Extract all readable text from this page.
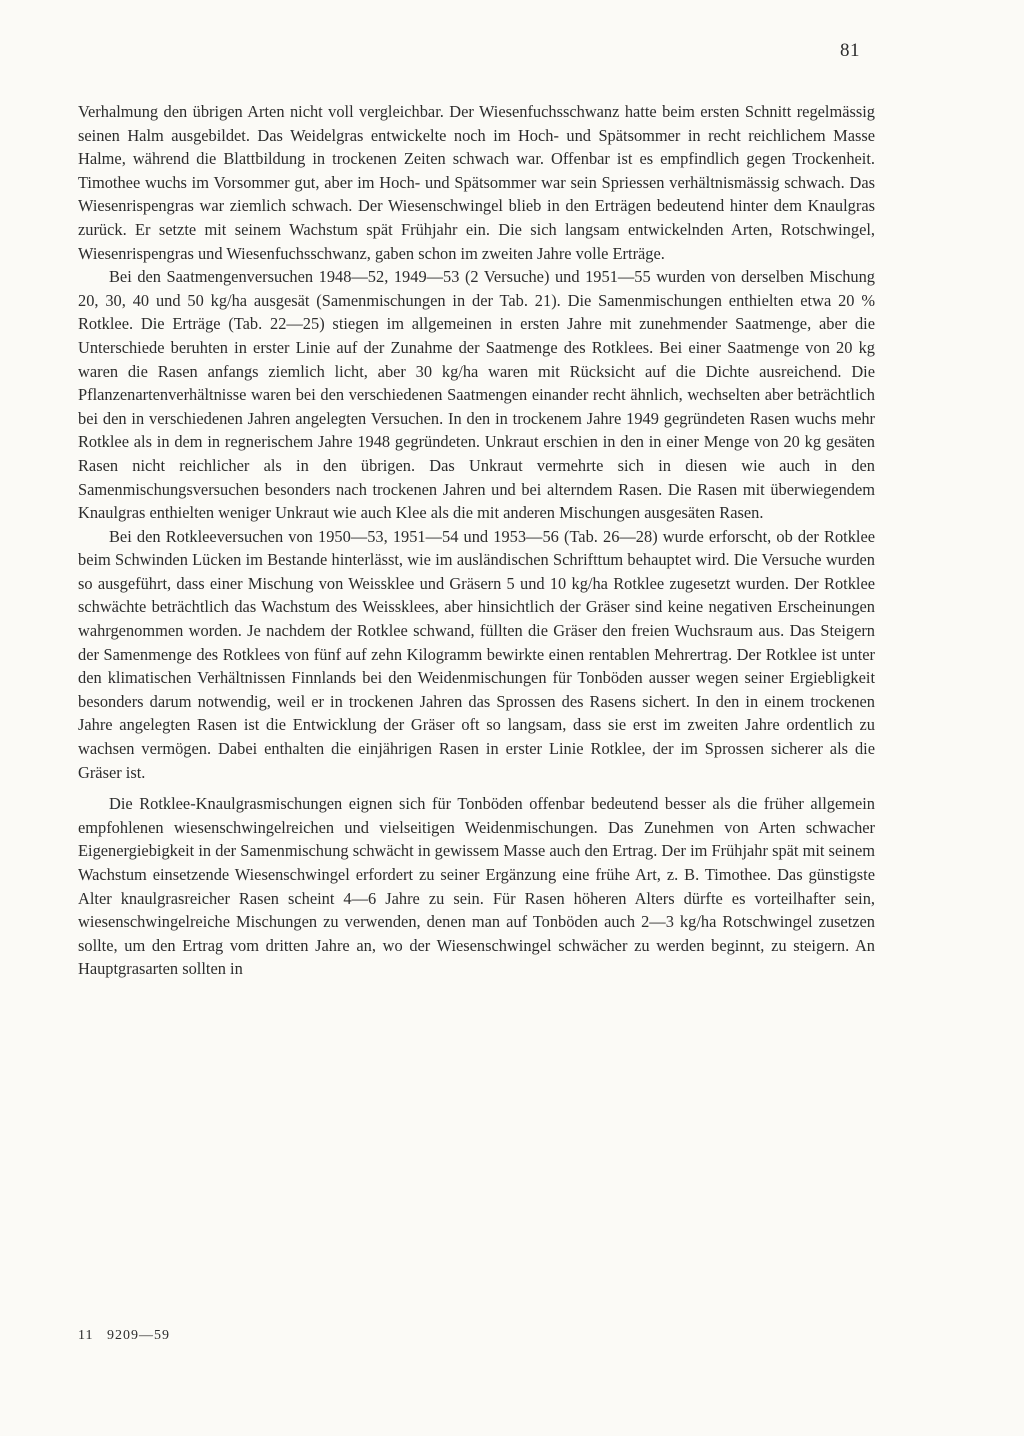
81

Verhalmung den übrigen Arten nicht voll vergleichbar. Der Wiesenfuchsschwanz hatte beim ersten Schnitt regelmässig seinen Halm ausgebildet. Das Weidelgras entwickelte noch im Hoch- und Spätsommer in recht reichlichem Masse Halme, während die Blattbildung in trockenen Zeiten schwach war. Offenbar ist es empfindlich gegen Trockenheit. Timothee wuchs im Vorsommer gut, aber im Hoch- und Spätsommer war sein Spriessen verhältnismässig schwach. Das Wiesenrispengras war ziemlich schwach. Der Wiesenschwingel blieb in den Erträgen bedeutend hinter dem Knaulgras zurück. Er setzte mit seinem Wachstum spät Frühjahr ein. Die sich langsam entwickelnden Arten, Rotschwingel, Wiesenrispengras und Wiesenfuchsschwanz, gaben schon im zweiten Jahre volle Erträge.

Bei den Saatmengenversuchen 1948—52, 1949—53 (2 Versuche) und 1951—55 wurden von derselben Mischung 20, 30, 40 und 50 kg/ha ausgesät (Samenmischungen in der Tab. 21). Die Samenmischungen enthielten etwa 20 % Rotklee. Die Erträge (Tab. 22—25) stiegen im allgemeinen in ersten Jahre mit zunehmender Saatmenge, aber die Unterschiede beruhten in erster Linie auf der Zunahme der Saatmenge des Rotklees. Bei einer Saatmenge von 20 kg waren die Rasen anfangs ziemlich licht, aber 30 kg/ha waren mit Rücksicht auf die Dichte ausreichend. Die Pflanzenartenverhältnisse waren bei den verschiedenen Saatmengen einander recht ähnlich, wechselten aber beträchtlich bei den in verschiedenen Jahren angelegten Versuchen. In den in trockenem Jahre 1949 gegründeten Rasen wuchs mehr Rotklee als in dem in regnerischem Jahre 1948 gegründeten. Unkraut erschien in den in einer Menge von 20 kg gesäten Rasen nicht reichlicher als in den übrigen. Das Unkraut vermehrte sich in diesen wie auch in den Samenmischungsversuchen besonders nach trockenen Jahren und bei alterndem Rasen. Die Rasen mit überwiegendem Knaulgras enthielten weniger Unkraut wie auch Klee als die mit anderen Mischungen ausgesäten Rasen.

Bei den Rotkleeversuchen von 1950—53, 1951—54 und 1953—56 (Tab. 26—28) wurde erforscht, ob der Rotklee beim Schwinden Lücken im Bestande hinterlässt, wie im ausländischen Schrifttum behauptet wird. Die Versuche wurden so ausgeführt, dass einer Mischung von Weissklee und Gräsern 5 und 10 kg/ha Rotklee zugesetzt wurden. Der Rotklee schwächte beträchtlich das Wachstum des Weissklees, aber hinsichtlich der Gräser sind keine negativen Erscheinungen wahrgenommen worden. Je nachdem der Rotklee schwand, füllten die Gräser den freien Wuchsraum aus. Das Steigern der Samenmenge des Rotklees von fünf auf zehn Kilogramm bewirkte einen rentablen Mehrertrag. Der Rotklee ist unter den klimatischen Verhältnissen Finnlands bei den Weidenmischungen für Tonböden ausser wegen seiner Ergiebligkeit besonders darum notwendig, weil er in trockenen Jahren das Sprossen des Rasens sichert. In den in einem trockenen Jahre angelegten Rasen ist die Entwicklung der Gräser oft so langsam, dass sie erst im zweiten Jahre ordentlich zu wachsen vermögen. Dabei enthalten die einjährigen Rasen in erster Linie Rotklee, der im Sprossen sicherer als die Gräser ist.

Die Rotklee-Knaulgrasmischungen eignen sich für Tonböden offenbar bedeutend besser als die früher allgemein empfohlenen wiesenschwingelreichen und vielseitigen Weidenmischungen. Das Zunehmen von Arten schwacher Eigenergiebigkeit in der Samenmischung schwächt in gewissem Masse auch den Ertrag. Der im Frühjahr spät mit seinem Wachstum einsetzende Wiesenschwingel erfordert zu seiner Ergänzung eine frühe Art, z. B. Timothee. Das günstigste Alter knaulgrasreicher Rasen scheint 4—6 Jahre zu sein. Für Rasen höheren Alters dürfte es vorteilhafter sein, wiesenschwingelreiche Mischungen zu verwenden, denen man auf Tonböden auch 2—3 kg/ha Rotschwingel zusetzen sollte, um den Ertrag vom dritten Jahre an, wo der Wiesenschwingel schwächer zu werden beginnt, zu steigern. An Hauptgrasarten sollten in

11   9209—59
